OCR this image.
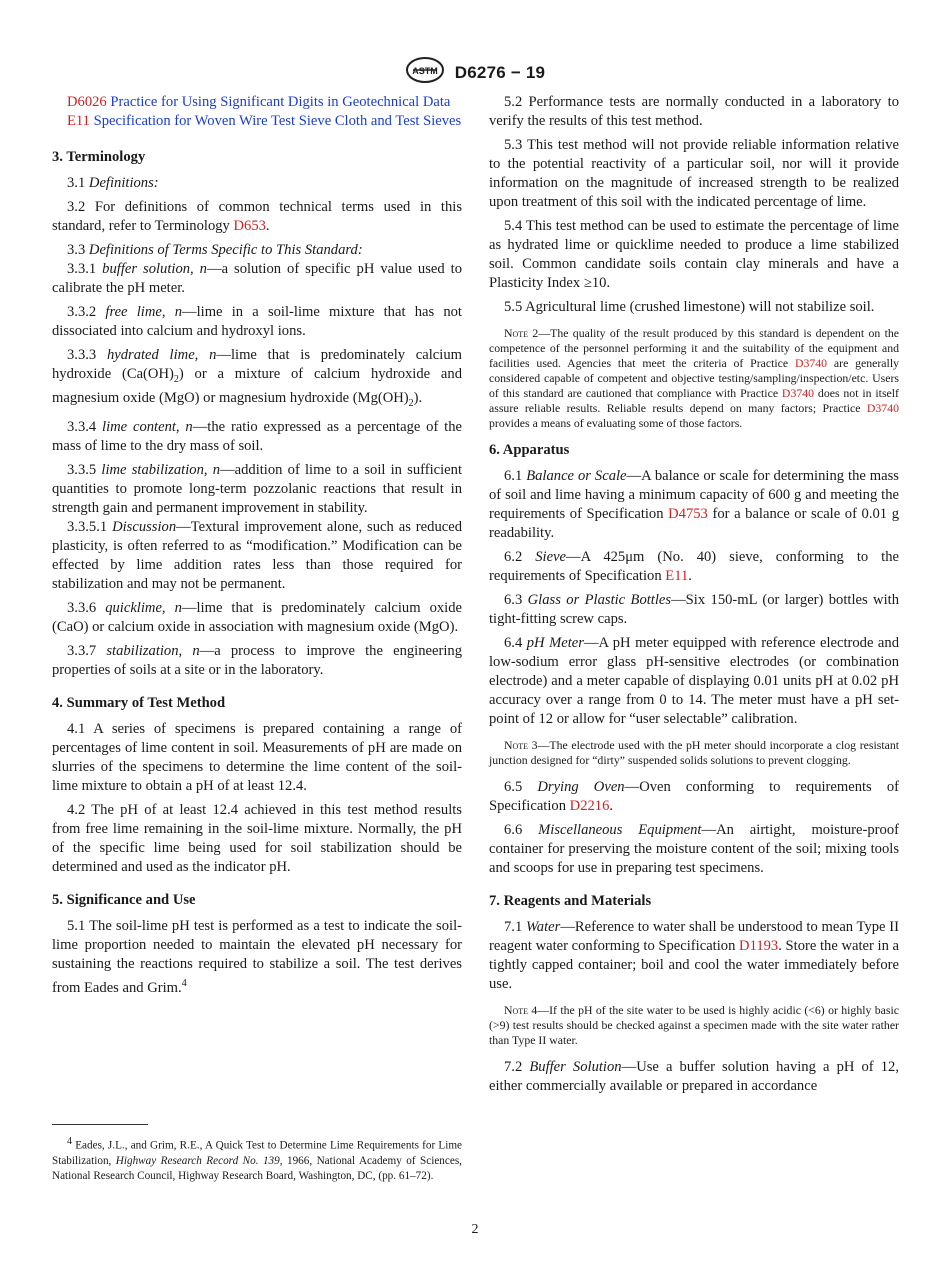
ASTM D6276 − 19

D6026 Practice for Using Significant Digits in Geotechnical Data

E11 Specification for Woven Wire Test Sieve Cloth and Test Sieves

3. Terminology

3.1 Definitions:

3.2 For definitions of common technical terms used in this standard, refer to Terminology D653.

3.3 Definitions of Terms Specific to This Standard:

3.3.1 buffer solution, n—a solution of specific pH value used to calibrate the pH meter.

3.3.2 free lime, n—lime in a soil-lime mixture that has not dissociated into calcium and hydroxyl ions.

3.3.3 hydrated lime, n—lime that is predominately calcium hydroxide $(Ca(OH)_2)$ or a mixture of calcium hydroxide and magnesium oxide (MgO) or magnesium hydroxide $(Mg(OH)_2)$.

3.3.4 lime content, n—the ratio expressed as a percentage of the mass of lime to the dry mass of soil.

3.3.5 lime stabilization, n—addition of lime to a soil in sufficient quantities to promote long-term pozzolanic reactions that result in strength gain and permanent improvement in stability.

3.3.5.1 Discussion—Textural improvement alone, such as reduced plasticity, is often referred to as “modification.” Modification can be effected by lime addition rates less than those required for stabilization and may not be permanent.

3.3.6 quicklime, n—lime that is predominately calcium oxide (CaO) or calcium oxide in association with magnesium oxide (MgO).

3.3.7 stabilization, n—a process to improve the engineering properties of soils at a site or in the laboratory.

4. Summary of Test Method

4.1 A series of specimens is prepared containing a range of percentages of lime content in soil. Measurements of pH are made on slurries of the specimens to determine the lime content of the soil-lime mixture to obtain a pH of at least 12.4.

4.2 The pH of at least 12.4 achieved in this test method results from free lime remaining in the soil-lime mixture. Normally, the pH of the specific lime being used for soil stabilization should be determined and used as the indicator pH.

5. Significance and Use

5.1 The soil-lime pH test is performed as a test to indicate the soil-lime proportion needed to maintain the elevated pH necessary for sustaining the reactions required to stabilize a soil. The test derives from Eades and Grim.$^4$

$^4$ Eades, J.L., and Grim, R.E., A Quick Test to Determine Lime Requirements for Lime Stabilization, Highway Research Record No. 139, 1966, National Academy of Sciences, National Research Council, Highway Research Board, Washington, DC, (pp. 61–72).

5.2 Performance tests are normally conducted in a laboratory to verify the results of this test method.

5.3 This test method will not provide reliable information relative to the potential reactivity of a particular soil, nor will it provide information on the magnitude of increased strength to be realized upon treatment of this soil with the indicated percentage of lime.

5.4 This test method can be used to estimate the percentage of lime as hydrated lime or quicklime needed to produce a lime stabilized soil. Common candidate soils contain clay minerals and have a Plasticity Index ≥10.

5.5 Agricultural lime (crushed limestone) will not stabilize soil.

Note 2—The quality of the result produced by this standard is dependent on the competence of the personnel performing it and the suitability of the equipment and facilities used. Agencies that meet the criteria of Practice D3740 are generally considered capable of competent and objective testing/sampling/inspection/etc. Users of this standard are cautioned that compliance with Practice D3740 does not in itself assure reliable results. Reliable results depend on many factors; Practice D3740 provides a means of evaluating some of those factors.

6. Apparatus

6.1 Balance or Scale—A balance or scale for determining the mass of soil and lime having a minimum capacity of 600 g and meeting the requirements of Specification D4753 for a balance or scale of 0.01 g readability.

6.2 Sieve—A 425μm (No. 40) sieve, conforming to the requirements of Specification E11.

6.3 Glass or Plastic Bottles—Six 150-mL (or larger) bottles with tight-fitting screw caps.

6.4 pH Meter—A pH meter equipped with reference electrode and low-sodium error glass pH-sensitive electrodes (or combination electrode) and a meter capable of displaying 0.01 units pH at 0.02 pH accuracy over a range from 0 to 14. The meter must have a pH set-point of 12 or allow for “user selectable” calibration.

Note 3—The electrode used with the pH meter should incorporate a clog resistant junction designed for “dirty” suspended solids solutions to prevent clogging.

6.5 Drying Oven—Oven conforming to requirements of Specification D2216.

6.6 Miscellaneous Equipment—An airtight, moisture-proof container for preserving the moisture content of the soil; mixing tools and scoops for use in preparing test specimens.

7. Reagents and Materials

7.1 Water—Reference to water shall be understood to mean Type II reagent water conforming to Specification D1193. Store the water in a tightly capped container; boil and cool the water immediately before use.

Note 4—If the pH of the site water to be used is highly acidic (<6) or highly basic (>9) test results should be checked against a specimen made with the site water rather than Type II water.

7.2 Buffer Solution—Use a buffer solution having a pH of 12, either commercially available or prepared in accordance

2
